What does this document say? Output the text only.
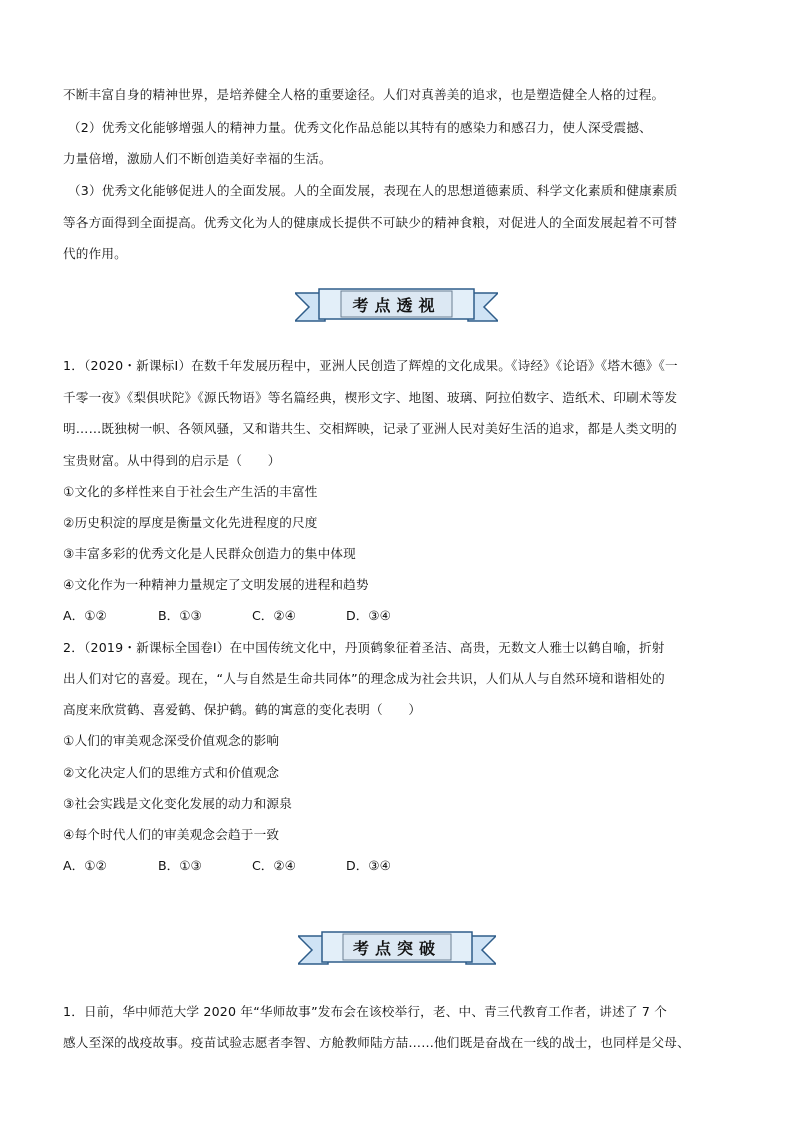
不断丰富自身的精神世界，是培养健全人格的重要途径。人们对真善美的追求，也是塑造健全人格的过程。
（2）优秀文化能够增强人的精神力量。优秀文化作品总能以其特有的感染力和感召力，使人深受震撼、
力量倍增，激励人们不断创造美好幸福的生活。
（3）优秀文化能够促进人的全面发展。人的全面发展，表现在人的思想道德素质、科学文化素质和健康素质
等各方面得到全面提高。优秀文化为人的健康成长提供不可缺少的精神食粮，对促进人的全面发展起着不可替
代的作用。
考点透视
1．（2020・新课标Ⅰ）在数千年发展历程中，亚洲人民创造了辉煌的文化成果。《诗经》《论语》《塔木德》《一
千零一夜》《梨俱吠陀》《源氏物语》等名篇经典，楔形文字、地图、玻璃、阿拉伯数字、造纸术、印刷术等发
明……既独树一帜、各领风骚，又和谐共生、交相辉映，记录了亚洲人民对美好生活的追求，都是人类文明的
宝贵财富。从中得到的启示是（　　）
①文化的多样性来自于社会生产生活的丰富性
②历史积淀的厚度是衡量文化先进程度的尺度
③丰富多彩的优秀文化是人民群众创造力的集中体现
④文化作为一种精神力量规定了文明发展的进程和趋势
A．①②	B．①③	C．②④	D．③④
2．（2019・新课标全国卷Ⅰ）在中国传统文化中，丹顶鹤象征着圣洁、高贵，无数文人雅士以鹤自喻，折射
出人们对它的喜爱。现在，“人与自然是生命共同体”的理念成为社会共识，人们从人与自然环境和谐相处的
高度来欣赏鹤、喜爱鹤、保护鹤。鹤的寓意的变化表明（　　）
①人们的审美观念深受价值观念的影响
②文化决定人们的思维方式和价值观念
③社会实践是文化变化发展的动力和源泉
④每个时代人们的审美观念会趋于一致
A．①②	B．①③	C．②④	D．③④
考点突破
1．日前，华中师范大学 2020 年“华师故事”发布会在该校举行，老、中、青三代教育工作者，讲述了 7 个
感人至深的战疫故事。疫苗试验志愿者李智、方舱教师陆方喆……他们既是奋战在一线的战士，也同样是父母、
